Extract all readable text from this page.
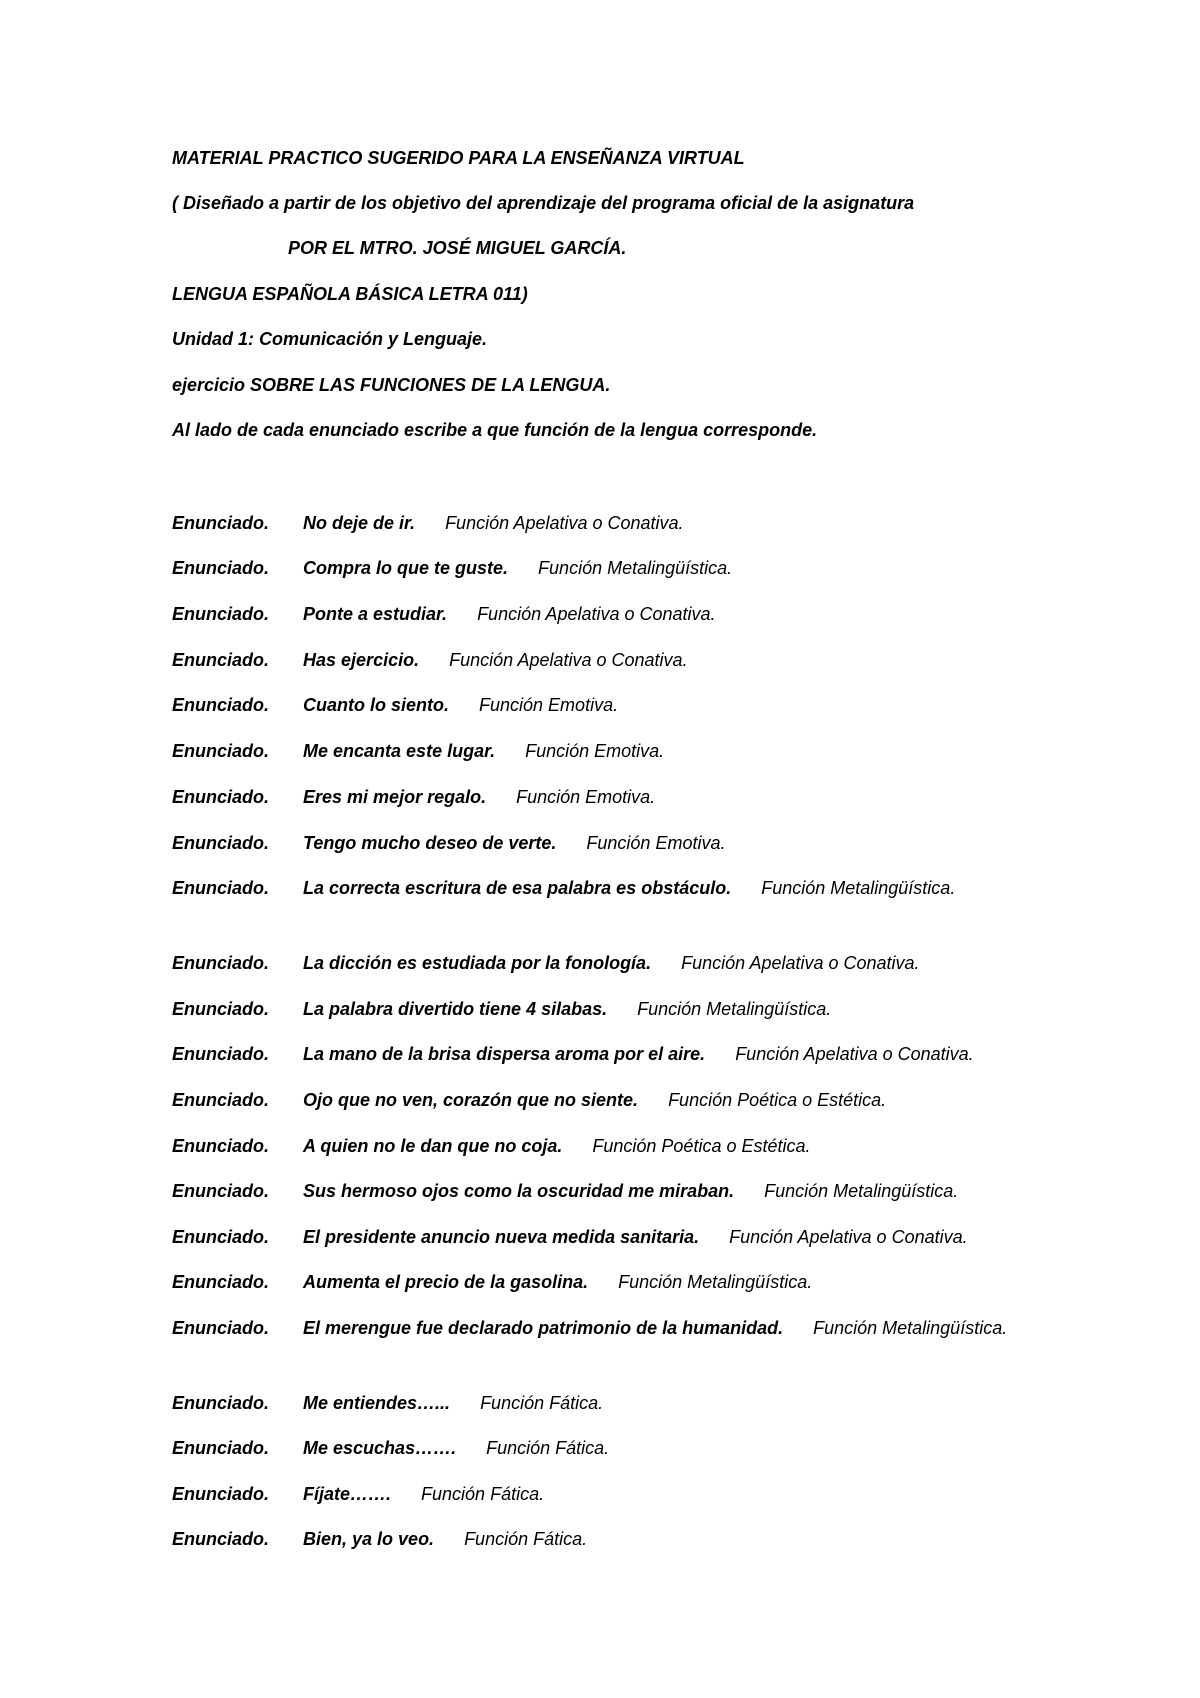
MATERIAL PRACTICO SUGERIDO PARA LA ENSEÑANZA VIRTUAL
( Diseñado a partir de los objetivo del aprendizaje del programa oficial de la asignatura
POR EL MTRO. JOSÉ MIGUEL GARCÍA.
LENGUA ESPAÑOLA BÁSICA LETRA 011)
Unidad 1: Comunicación y Lenguaje.
ejercicio SOBRE LAS FUNCIONES DE LA LENGUA.
Al lado de cada enunciado escribe a que función de la lengua corresponde.
Enunciado. No deje de ir. Función Apelativa o Conativa.
Enunciado. Compra lo que te guste. Función Metalingüística.
Enunciado. Ponte a estudiar. Función Apelativa o Conativa.
Enunciado. Has ejercicio. Función Apelativa o Conativa.
Enunciado. Cuanto lo siento. Función Emotiva.
Enunciado. Me encanta este lugar. Función Emotiva.
Enunciado. Eres mi mejor regalo. Función Emotiva.
Enunciado. Tengo mucho deseo de verte. Función Emotiva.
Enunciado. La correcta escritura de esa palabra es obstáculo. Función Metalingüística.
Enunciado. La dicción es estudiada por la fonología. Función Apelativa o Conativa.
Enunciado. La palabra divertido tiene 4 silabas. Función Metalingüística.
Enunciado. La mano de la brisa dispersa aroma por el aire. Función Apelativa o Conativa.
Enunciado. Ojo que no ven, corazón que no siente. Función Poética o Estética.
Enunciado. A quien no le dan que no coja. Función Poética o Estética.
Enunciado. Sus hermoso ojos como la oscuridad me miraban. Función Metalingüística.
Enunciado. El presidente anuncio nueva medida sanitaria. Función Apelativa o Conativa.
Enunciado. Aumenta el precio de la gasolina. Función Metalingüística.
Enunciado. El merengue fue declarado patrimonio de la humanidad. Función Metalingüística.
Enunciado. Me entiendes…... Función Fática.
Enunciado. Me escuchas……. Función Fática.
Enunciado. Fíjate……. Función Fática.
Enunciado. Bien, ya lo veo. Función Fática.
